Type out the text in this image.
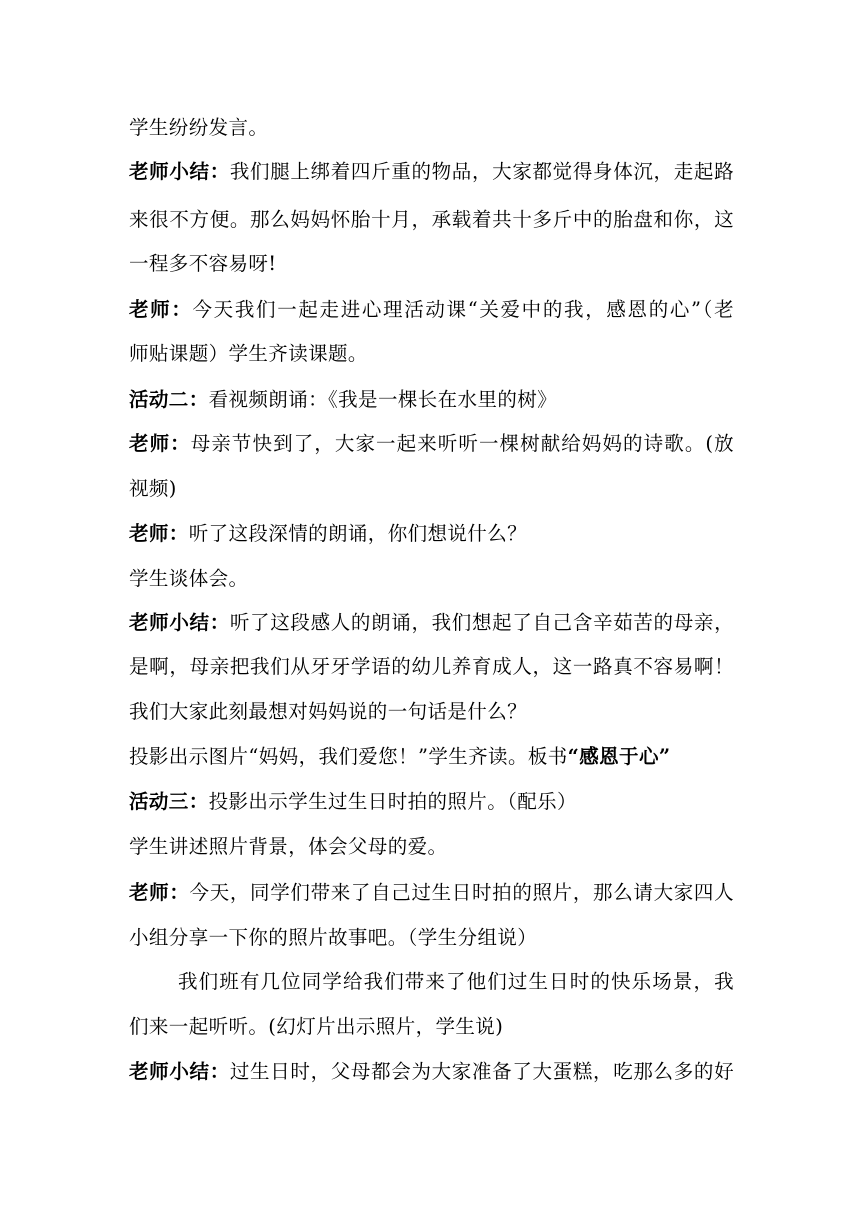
学生纷纷发言。
老师小结：我们腿上绑着四斤重的物品，大家都觉得身体沉，走起路
来很不方便。那么妈妈怀胎十月，承载着共十多斤中的胎盘和你，这
一程多不容易呀!
老师：今天我们一起走进心理活动课“关爱中的我，感恩的心”（老
师贴课题）学生齐读课题。
活动二：看视频朗诵：《我是一棵长在水里的树》
老师：母亲节快到了，大家一起来听听一棵树献给妈妈的诗歌。(放
视频)
老师：听了这段深情的朗诵，你们想说什么？
学生谈体会。
老师小结：听了这段感人的朗诵，我们想起了自己含辛茹苦的母亲，
是啊，母亲把我们从牙牙学语的幼儿养育成人，这一路真不容易啊！
我们大家此刻最想对妈妈说的一句话是什么？
投影出示图片“妈妈，我们爱您！”学生齐读。板书“感恩于心”
活动三：投影出示学生过生日时拍的照片。（配乐）
学生讲述照片背景，体会父母的爱。
老师：今天，同学们带来了自己过生日时拍的照片，那么请大家四人
小组分享一下你的照片故事吧。（学生分组说）
我们班有几位同学给我们带来了他们过生日时的快乐场景，我
们来一起听听。(幻灯片出示照片，学生说)
老师小结：过生日时，父母都会为大家准备了大蛋糕，吃那么多的好
